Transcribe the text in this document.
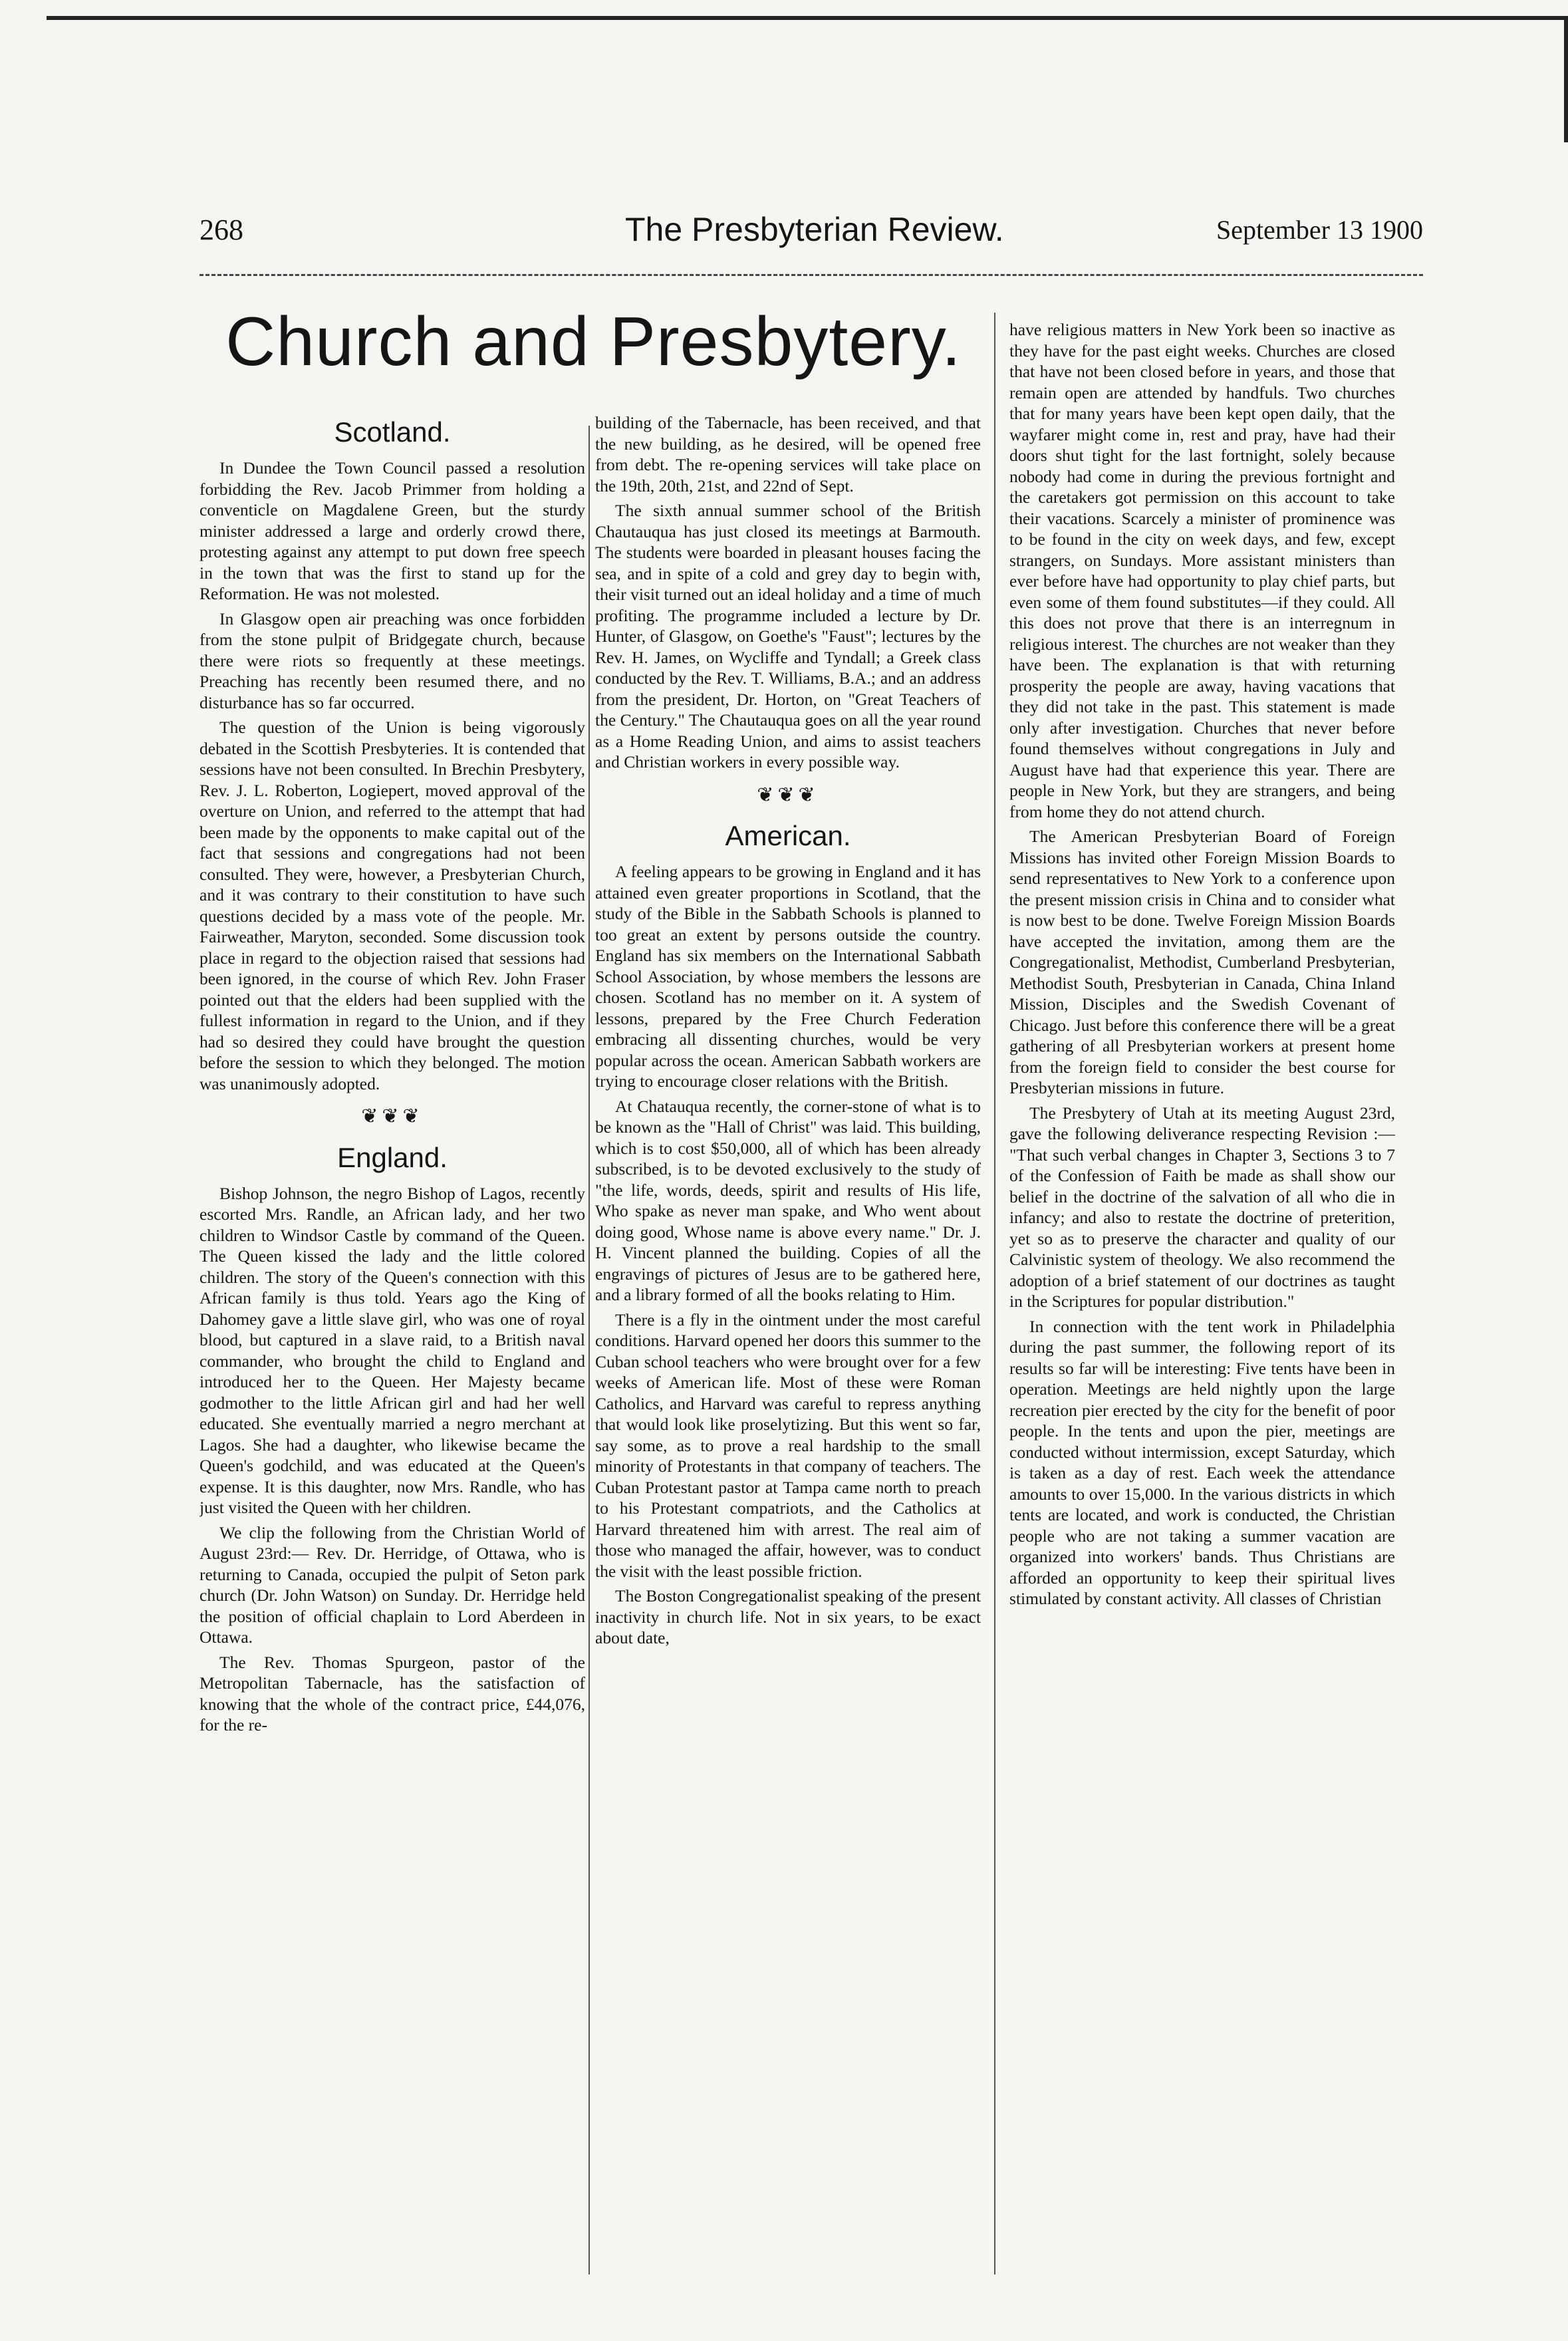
268	The Presbyterian Review.	September 13 1900
Church and Presbytery.
Scotland.

In Dundee the Town Council passed a resolution forbidding the Rev. Jacob Primmer from holding a conventicle on Magdalene Green, but the sturdy minister addressed a large and orderly crowd there, protesting against any attempt to put down free speech in the town that was the first to stand up for the Reformation. He was not molested.

In Glasgow open air preaching was once forbidden from the stone pulpit of Bridgegate church, because there were riots so frequently at these meetings. Preaching has recently been resumed there, and no disturbance has so far occurred.

The question of the Union is being vigorously debated in the Scottish Presbyteries. It is contended that sessions have not been consulted. In Brechin Presbytery, Rev. J. L. Roberton, Logiepert, moved approval of the overture on Union, and referred to the attempt that had been made by the opponents to make capital out of the fact that sessions and congregations had not been consulted. They were, however, a Presbyterian Church, and it was contrary to their constitution to have such questions decided by a mass vote of the people. Mr. Fairweather, Maryton, seconded. Some discussion took place in regard to the objection raised that sessions had been ignored, in the course of which Rev. John Fraser pointed out that the elders had been supplied with the fullest information in regard to the Union, and if they had so desired they could have brought the question before the session to which they belonged. The motion was unanimously adopted.

❦❦❦
England.

Bishop Johnson, the negro Bishop of Lagos, recently escorted Mrs. Randle, an African lady, and her two children to Windsor Castle by command of the Queen. The Queen kissed the lady and the little colored children. The story of the Queen's connection with this African family is thus told. Years ago the King of Dahomey gave a little slave girl, who was one of royal blood, but captured in a slave raid, to a British naval commander, who brought the child to England and introduced her to the Queen. Her Majesty became godmother to the little African girl and had her well educated. She eventually married a negro merchant at Lagos. She had a daughter, who likewise became the Queen's godchild, and was educated at the Queen's expense. It is this daughter, now Mrs. Randle, who has just visited the Queen with her children.

We clip the following from the Christian World of August 23rd:— Rev. Dr. Herridge, of Ottawa, who is returning to Canada, occupied the pulpit of Seton park church (Dr. John Watson) on Sunday. Dr. Herridge held the position of official chaplain to Lord Aberdeen in Ottawa.

The Rev. Thomas Spurgeon, pastor of the Metropolitan Tabernacle, has the satisfaction of knowing that the whole of the contract price, £44,076, for the re-

building of the Tabernacle, has been received, and that the new building, as he desired, will be opened free from debt. The re-opening services will take place on the 19th, 20th, 21st, and 22nd of Sept.

The sixth annual summer school of the British Chautauqua has just closed its meetings at Barmouth. The students were boarded in pleasant houses facing the sea, and in spite of a cold and grey day to begin with, their visit turned out an ideal holiday and a time of much profiting. The programme included a lecture by Dr. Hunter, of Glasgow, on Goethe's "Faust"; lectures by the Rev. H. James, on Wycliffe and Tyndall; a Greek class conducted by the Rev. T. Williams, B.A.; and an address from the president, Dr. Horton, on "Great Teachers of the Century." The Chautauqua goes on all the year round as a Home Reading Union, and aims to assist teachers and Christian workers in every possible way.

❦❦❦
American.

A feeling appears to be growing in England and it has attained even greater proportions in Scotland, that the study of the Bible in the Sabbath Schools is planned to too great an extent by persons outside the country. England has six members on the International Sabbath School Association, by whose members the lessons are chosen. Scotland has no member on it. A system of lessons, prepared by the Free Church Federation embracing all dissenting churches, would be very popular across the ocean. American Sabbath workers are trying to encourage closer relations with the British.

At Chatauqua recently, the corner-stone of what is to be known as the "Hall of Christ" was laid. This building, which is to cost $50,000, all of which has been already subscribed, is to be devoted exclusively to the study of "the life, words, deeds, spirit and results of His life, Who spake as never man spake, and Who went about doing good, Whose name is above every name." Dr. J. H. Vincent planned the building. Copies of all the engravings of pictures of Jesus are to be gathered here, and a library formed of all the books relating to Him.

There is a fly in the ointment under the most careful conditions. Harvard opened her doors this summer to the Cuban school teachers who were brought over for a few weeks of American life. Most of these were Roman Catholics, and Harvard was careful to repress anything that would look like proselytizing. But this went so far, say some, as to prove a real hardship to the small minority of Protestants in that company of teachers. The Cuban Protestant pastor at Tampa came north to preach to his Protestant compatriots, and the Catholics at Harvard threatened him with arrest. The real aim of those who managed the affair, however, was to conduct the visit with the least possible friction.

The Boston Congregationalist speaking of the present inactivity in church life. Not in six years, to be exact about date,

have religious matters in New York been so inactive as they have for the past eight weeks. Churches are closed that have not been closed before in years, and those that remain open are attended by handfuls. Two churches that for many years have been kept open daily, that the wayfarer might come in, rest and pray, have had their doors shut tight for the last fortnight, solely because nobody had come in during the previous fortnight and the caretakers got permission on this account to take their vacations. Scarcely a minister of prominence was to be found in the city on week days, and few, except strangers, on Sundays. More assistant ministers than ever before have had opportunity to play chief parts, but even some of them found substitutes—if they could. All this does not prove that there is an interregnum in religious interest. The churches are not weaker than they have been. The explanation is that with returning prosperity the people are away, having vacations that they did not take in the past. This statement is made only after investigation. Churches that never before found themselves without congregations in July and August have had that experience this year. There are people in New York, but they are strangers, and being from home they do not attend church.

The American Presbyterian Board of Foreign Missions has invited other Foreign Mission Boards to send representatives to New York to a conference upon the present mission crisis in China and to consider what is now best to be done. Twelve Foreign Mission Boards have accepted the invitation, among them are the Congregationalist, Methodist, Cumberland Presbyterian, Methodist South, Presbyterian in Canada, China Inland Mission, Disciples and the Swedish Covenant of Chicago. Just before this conference there will be a great gathering of all Presbyterian workers at present home from the foreign field to consider the best course for Presbyterian missions in future.

The Presbytery of Utah at its meeting August 23rd, gave the following deliverance respecting Revision :— "That such verbal changes in Chapter 3, Sections 3 to 7 of the Confession of Faith be made as shall show our belief in the doctrine of the salvation of all who die in infancy; and also to restate the doctrine of preterition, yet so as to preserve the character and quality of our Calvinistic system of theology. We also recommend the adoption of a brief statement of our doctrines as taught in the Scriptures for popular distribution."

In connection with the tent work in Philadelphia during the past summer, the following report of its results so far will be interesting: Five tents have been in operation. Meetings are held nightly upon the large recreation pier erected by the city for the benefit of poor people. In the tents and upon the pier, meetings are conducted without intermission, except Saturday, which is taken as a day of rest. Each week the attendance amounts to over 15,000. In the various districts in which tents are located, and work is conducted, the Christian people who are not taking a summer vacation are organized into workers' bands. Thus Christians are afforded an opportunity to keep their spiritual lives stimulated by constant activity. All classes of Christian
